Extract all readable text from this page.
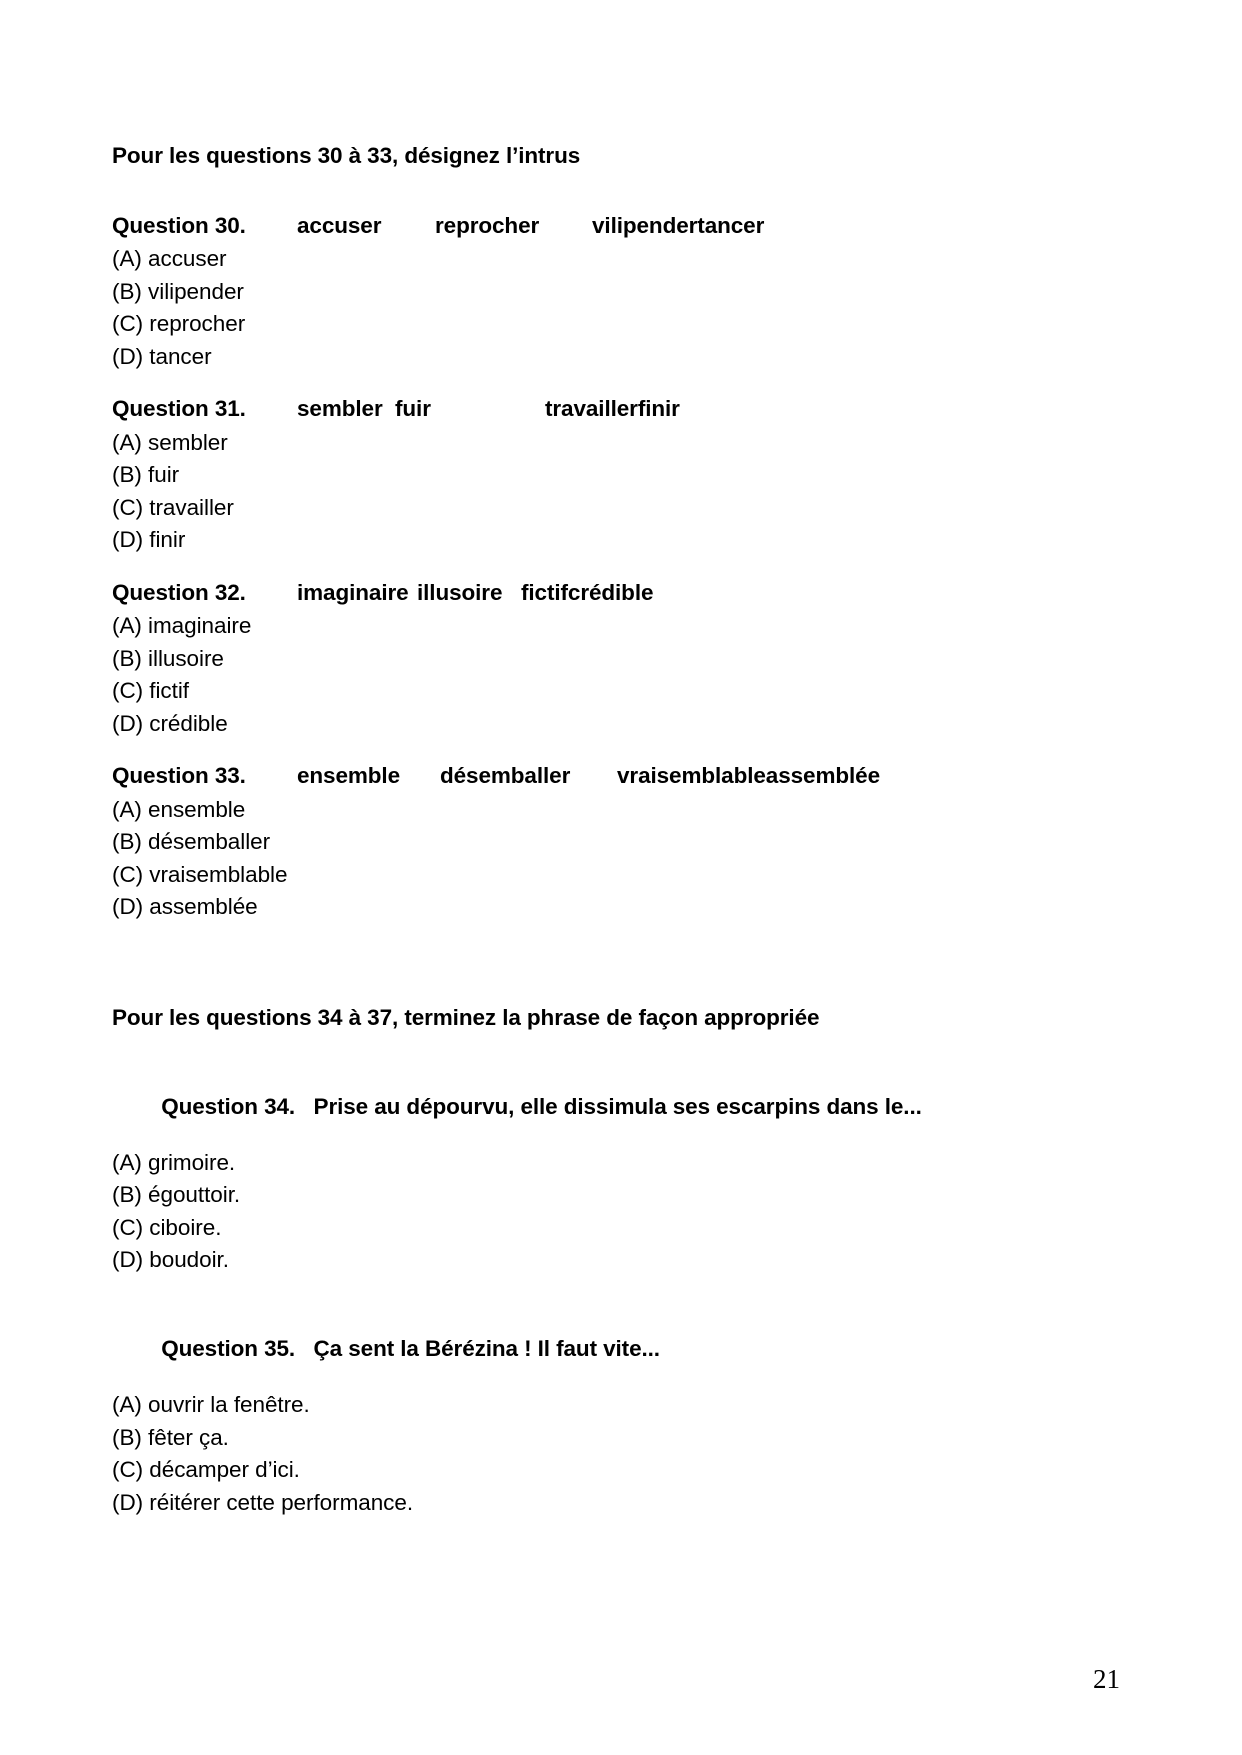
Pour les questions 30 à 33, désignez l’intrus
Question 30. accuser reprocher vilipendertancer
(A) accuser
(B) vilipender
(C) reprocher
(D) tancer
Question 31. sembler fuir	travaillerfinir
(A) sembler
(B) fuir
(C) travailler
(D) finir
Question 32. imaginaire illusoire fictifcrédible
(A) imaginaire
(B) illusoire
(C) fictif
(D) crédible
Question 33. ensemble désemballer vraisemblableassemblée
(A) ensemble
(B) désemballer
(C) vraisemblable
(D) assemblée
Pour les questions 34 à 37, terminez la phrase de façon appropriée

Question 34. Prise au dépourvu, elle dissimula ses escarpins dans le...

(A) grimoire.
(B) égouttoir.
(C) ciboire.
(D) boudoir.

Question 35. Ça sent la Bérézina ! Il faut vite...

(A) ouvrir la fenêtre.
(B) fêter ça.
(C) décamper d’ici.
(D) réitérer cette performance.
21
